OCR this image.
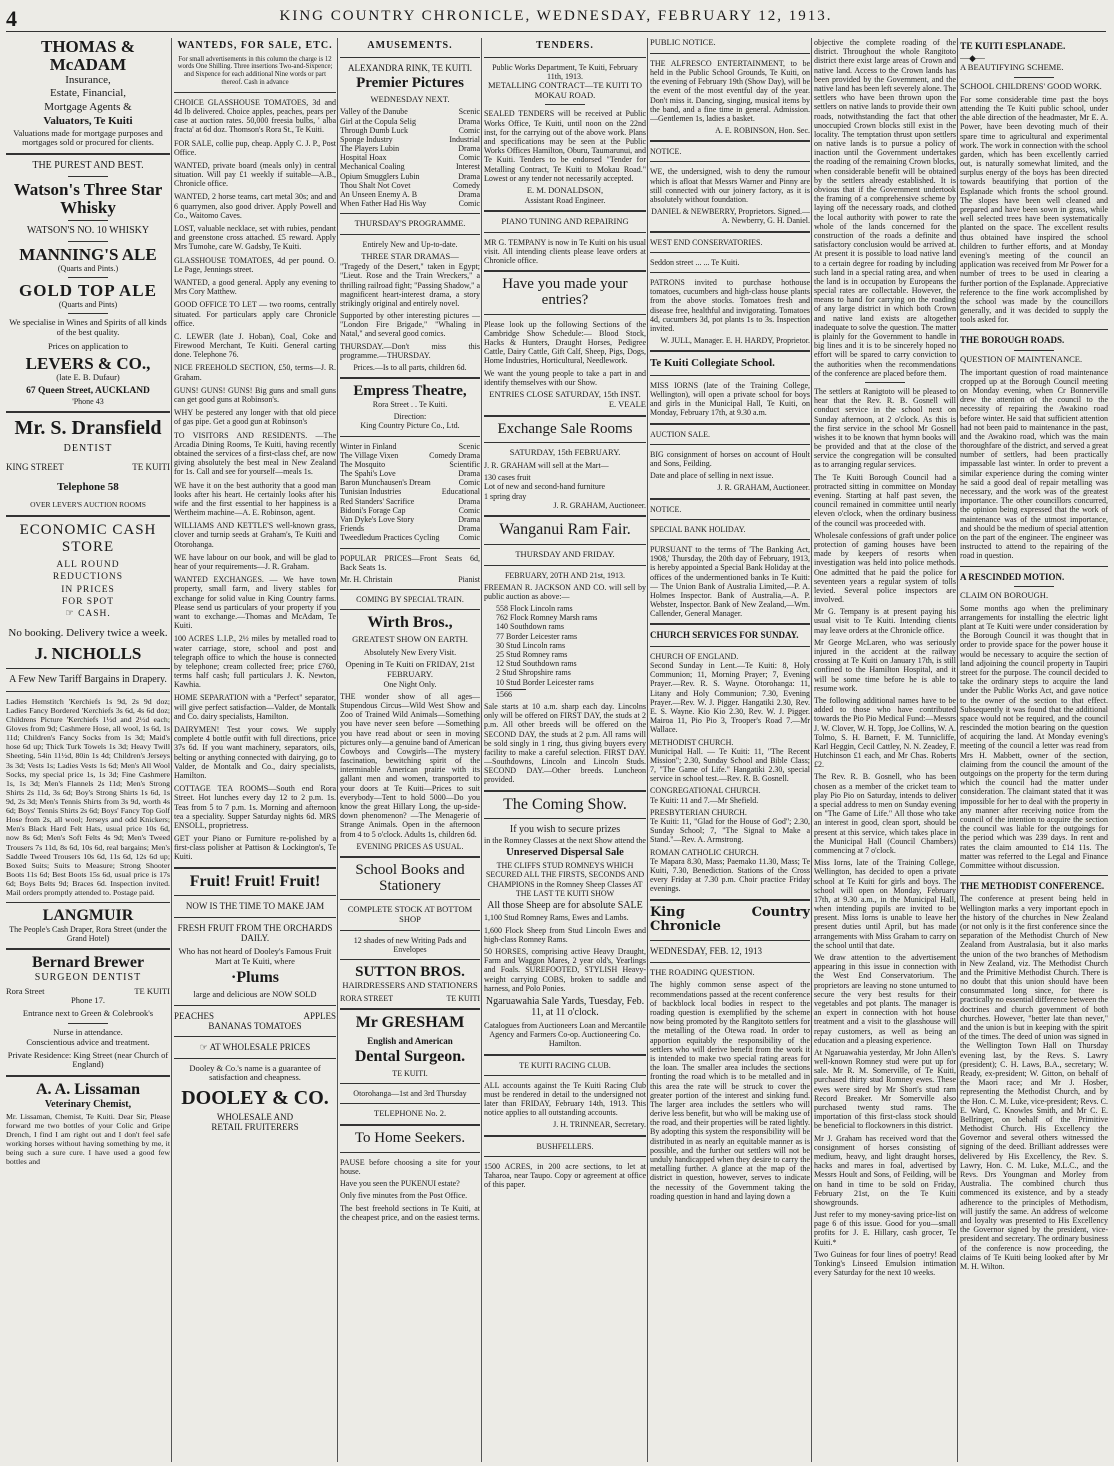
4	KING COUNTRY CHRONICLE, WEDNESDAY, FEBRUARY 12, 1913.
THOMAS & McADAM
Insurance,
Estate, Financial,
Mortgage Agents &
Valuators, Te Kuiti
Valuations made for mortgage purposes and mortgages sold or procured for clients.
THE PUREST AND BEST.
Watson's Three Star Whisky
WATSON'S NO. 10 WHISKY
MANNING'S ALE
(Quarts and Pints.)
GOLD TOP ALE
(Quarts and Pints)
We specialise in Wines and Spirits of all kinds of the best quality.
Prices on application to
LEVERS & CO.,
(late E. B. Dufaur)
67 Queen Street, AUCKLAND
'Phone 43
Mr. S. Dransfield
DENTIST
KING STREET	TE KUITI
Telephone 58
OVER LEVER'S AUCTION ROOMS
ECONOMIC CASH STORE
ALL ROUND
REDUCTIONS
IN PRICES
FOR SPOT
☞ CASH.
No booking. Delivery twice a week.
J. NICHOLLS
A Few New Tariff Bargains in Drapery.
Ladies Hemstitch 'Kerchiefs 1s 9d, 2s 9d doz; Ladies Fancy Bordered 'Kerchiefs 3s 6d, 4s 6d doz; Childrens Picture 'Kerchiefs 1½d and 2½d each; Gloves from 9d; Cashmere Hose, all wool, 1s 6d, 1s 11d; Children's Fancy Socks from 1s 3d; Maid's hose 6d up; Thick Turk Towels 1s 3d; Heavy Twill Sheeting, 54in 11½d, 80in 1s 4d; Children's Jerseys 3s 3d; Vests 1s; Ladies Vests 1s 6d; Men's All Wool Socks, my special price 1s, 1s 3d; Fine Cashmere 1s, 1s 3d; Men's Flannels 2s 11d; Men's Strong Shirts 2s 11d, 3s 6d; Boy's Strong Shirts 1s 6d, 1s 9d, 2s 3d; Men's Tennis Shirts from 3s 9d, worth 4s 6d; Boys' Tennis Shirts 2s 6d; Boys' Fancy Top Golf Hose from 2s, all wool; Jerseys and odd Knickers; Men's Black Hard Felt Hats, usual price 10s 6d, now 8s 6d; Men's Soft Felts 4s 9d; Men's Tweed Trousers 7s 11d, 8s 6d, 10s 6d, real bargains; Men's Saddle Tweed Trousers 10s 6d, 11s 6d, 12s 6d up; Boxed Suits; Suits to Measure; Strong Shooter Boots 11s 6d; Best Boots 15s 6d, usual price is 17s 6d; Boys Belts 9d; Braces 6d. Inspection invited. Mail orders promptly attended to. Postage paid.
LANGMUIR
The People's Cash Draper, Rora Street (under the Grand Hotel)
Bernard Brewer
SURGEON DENTIST
Rora Street	TE KUITI
Phone 17.
Entrance next to Green & Colebrook's
Nurse in attendance.
Conscientious advice and treatment.
Private Residence: King Street (near Church of England)
A. A. Lissaman
Veterinary Chemist,
Mr. Lissaman, Chemist, Te Kuiti. Dear Sir, Please forward me two bottles of your Colic and Gripe Drench, I find I am right out and I don't feel safe working horses without having something by me, it being such a sure cure. I have used a good few bottles and
WANTEDS, FOR SALE, ETC.
For small advertisements in this column the charge is 12 words One Shilling. Three insertions Two-and-Sixpence; and Sixpence for each additional Nine words or part thereof. Cash in advance
CHOICE GLASSHOUSE TOMATOES, 3d and 4d lb delivered. Choice apples, peaches, pears per case at auction rates. 50,000 freesia bulbs, ' alba fracta' at 6d doz. Thomson's Rora St., Te Kuiti.
FOR SALE, collie pup, cheap. Apply C. J. P., Post Office.
WANTED, private board (meals only) in central situation. Will pay £1 weekly if suitable—A.B., Chronicle office.
WANTED, 2 horse teams, cart metal 30s; and and 6 quarrymen, also good driver. Apply Powell and Co., Waitomo Caves.
LOST, valuable necklace, set with rubies, pendant and greenstone cross attached. £5 reward. Apply Mrs Tumohe, care W. Gadsby, Te Kuiti.
GLASSHOUSE TOMATOES, 4d per pound. O. Le Page, Jennings street.
WANTED, a good general. Apply any evening to Mrs Cory Matthew.
GOOD OFFICE TO LET — two rooms, centrally situated. For particulars apply care Chronicle office.
C. LEWER (late J. Hoban), Coal, Coke and Firewood Merchant, Te Kuiti. General carting done. Telephone 76.
NICE FREEHOLD SECTION, £50, terms—J. R. Graham.
GUNS! GUNS! GUNS! Big guns and small guns can get good guns at Robinson's.
WHY be pestered any longer with that old piece of gas pipe. Get a good gun at Robinson's
TO VISITORS AND RESIDENTS. —The Arcadia Dining Rooms, Te Kuiti, having recently obtained the services of a first-class chef, are now giving absolutely the best meal in New Zealand for 1s. Call and see for yourself—meals 1s.
WE have it on the best authority that a good man looks after his heart. He certainly looks after his wife and the first essential to her happiness is a Wertheim machine—A. E. Robinson, agent.
WILLIAMS AND KETTLE'S well-known grass, clover and turnip seeds at Graham's, Te Kuiti and Otorohanga.
WE have labour on our book, and will be glad to hear of your requirements—J. R. Graham.
WANTED EXCHANGES. — We have town property, small farm, and livery stables for exchange for solid value in King Country farms. Please send us particulars of your property if you want to exchange.—Thomas and McAdam, Te Kuiti.
100 ACRES L.I.P., 2½ miles by metalled road to water carriage, store, school and post and telegraph office to which the house is connected by telephone; cream collected free; price £760, terms half cash; full particulars J. K. Newton, Kawhia.
HOME SEPARATION with a "Perfect" separator, will give perfect satisfaction—Valder, de Montalk and Co. dairy specialists, Hamilton.
DAIRYMEN! Test your cows. We supply complete 4 bottle outfit with full directions, price 37s 6d. If you want machinery, separators, oils, belting or anything connected with dairying, go to Valder, de Montalk and Co., dairy specialists, Hamilton.
COTTAGE TEA ROOMS—South end Rora Street. Hot lunches every day 12 to 2 p.m. 1s. Teas from 5 to 7 p.m. 1s. Morning and afternoon tea a speciality. Supper Saturday nights 6d. MRS ENSOLL, proprietress.
GET your Piano or Furniture re-polished by a first-class polisher at Pattison & Lockington's, Te Kuiti.
Fruit! Fruit! Fruit!
NOW IS THE TIME TO MAKE JAM
FRESH FRUIT FROM THE ORCHARDS DAILY.
Who has not heard of Dooley's Famous Fruit Mart at Te Kuiti, where
·Plums
large and delicious are NOW SOLD
PEACHES	APPLES
BANANAS TOMATOES
☞ AT WHOLESALE PRICES
Dooley & Co.'s name is a guarantee of satisfaction and cheapness.
DOOLEY & CO.
WHOLESALE AND
RETAIL FRUITERERS
AMUSEMENTS.
ALEXANDRA RINK, TE KUITI.
Premier Pictures
WEDNESDAY NEXT.
Valley of the Danube	Scenic
Girl at the Copula Selig	Drama
Through Dumb Luck	Comic
Sponge Industry	Industrial
The Players Lubin	Drama
Hospital Hoax	Comic
Mechanical Coaling	Interest
Opium Smugglers Lubin	Drama
Thou Shalt Not Covet	Comedy
An Unseen Enemy A. B	Drama
When Father Had His Way	Comic
THURSDAY'S PROGRAMME.
Entirely New and Up-to-date.
THREE STAR DRAMAS—
"Tragedy of the Desert," taken in Egypt; "Lieut. Rose and the Train Wreckers," a thrilling railroad fight; "Passing Shadow," a magnificent heart-interest drama, a story strikingly original and entirely novel.
Supported by other interesting pictures — "London Fire Brigade," "Whaling in Natal," and several good comics.
THURSDAY.—Don't miss this programme.—THURSDAY.
Prices.—Is to all parts, children 6d.
Empress Theatre,
Rora Street . . Te Kuiti.
Direction:
King Country Picture Co., Ltd.
Winter in Finland	Scenic
The Village Vixen	Comedy Drama
The Mosquito	Scientific
The Spahi's Love	Drama
Baron Munchausen's Dream	Comic
Tunisian Industries	Educational
Red Standers' Sacrifice	Drama
Bidoni's Forage Cap	Comic
Van Dyke's Love Story	Drama
Friends	Drama
Tweedledum Practices Cycling Comic
POPULAR PRICES—Front Seats 6d, Back Seats 1s.
Mr. H. Christain	Pianist
COMING BY SPECIAL TRAIN.
Wirth Bros.,
GREATEST SHOW ON EARTH.
Absolutely New Every Visit.
Opening in Te Kuiti on FRIDAY, 21st FEBRUARY.
One Night Only.
THE wonder show of all ages—Stupendous Circus—Wild West Show and Zoo of Trained Wild Animals—Something you have never seen before —Something you have read about or seen in moving pictures only—a genuine band of American Cowboys and Cowgirls—The mystery fascination, bewitching spirit of the interminable American prairie with its gallant men and women, transported to your doors at Te Kuiti—Prices to suit everybody—Tent to hold 5000—Do you know the great Hillary Long, the up-side-down phenomenon? —The Menagerie of Strange Animals. Open in the afternoon from 4 to 5 o'clock. Adults 1s, children 6d.
EVENING PRICES AS USUAL.
School Books and Stationery
COMPLETE STOCK AT BOTTOM SHOP
12 shades of new Writing Pads and Envelopes
SUTTON BROS.
HAIRDRESSERS AND STATIONERS
RORA STREET	TE KUITI
Mr GRESHAM
English and American
Dental Surgeon.
TE KUITI.
Otorohanga—1st and 3rd Thursday
TELEPHONE No. 2.
To Home Seekers.
PAUSE before choosing a site for your house.
Have you seen the PUKENUI estate?
Only five minutes from the Post Office.
The best freehold sections in Te Kuiti, at the cheapest price, and on the easiest terms.
TENDERS.
Public Works Department, Te Kuiti, February 11th, 1913.
METALLING CONTRACT—TE KUITI TO MOKAU ROAD.
SEALED TENDERS will be received at Public Works Office, Te Kuiti, until noon on the 22nd inst, for the carrying out of the above work. Plans and specifications may be seen at the Public Works Offices Hamilton, Oburu, Taumarunui, and Te Kuiti. Tenders to be endorsed "Tender for Metalling Contract, Te Kuiti to Mokau Road." Lowest or any tender not necessarily accepted.
E. M. DONALDSON,
Assistant Road Engineer.
PIANO TUNING AND REPAIRING
MR G. TEMPANY is now in Te Kuiti on his usual visit. All intending clients please leave orders at Chronicle office.
Have you made your entries?
Please look up the following Sections of the Cambridge Show Schedule:— Blood Stock, Hacks & Hunters, Draught Horses, Pedigree Cattle, Dairy Cattle, Gift Calf, Sheep, Pigs, Dogs, Home Industries, Horticultural, Needlework.
We want the young people to take a part in and identify themselves with our Show.
ENTRIES CLOSE SATURDAY, 15th INST.
E. VEALE
Exchange Sale Rooms
SATURDAY, 15th FEBRUARY.
J. R. GRAHAM will sell at the Mart—
130 cases fruit
Lot of new and second-hand furniture
1 spring dray
J. R. GRAHAM, Auctioneer.
Wanganui Ram Fair.
THURSDAY AND FRIDAY.
FEBRUARY, 20TH AND 21st, 1913.
FREEMAN R. JACKSON AND CO. will sell by public auction as above:—
558 Flock Lincoln rams
762 Flock Romney Marsh rams
140 Southdown rams
77 Border Leicester rams
30 Stud Lincoln rams
25 Stud Romney rams
12 Stud Southdown rams
2 Stud Shropshire rams
10 Stud Border Leicester rams
1566
Sale starts at 10 a.m. sharp each day. Lincolns only will be offered on FIRST DAY, the studs at 2 p.m. All other breeds will be offered on the SECOND DAY, the studs at 2 p.m. All rams will be sold singly in 1 ring, thus giving buyers every facility to make a careful selection. FIRST DAY.—Southdowns, Lincoln and Lincoln Studs. SECOND DAY.—Other breeds. Luncheon provided.
The Coming Show.
If you wish to secure prizes
in the Romney Classes at the next Show attend the
Unreserved Dispersal Sale
THE CLIFFS STUD ROMNEYS WHICH SECURED ALL THE FIRSTS, SECONDS AND CHAMPIONS in the Romney Sheep Classes AT THE LAST TE KUITI SHOW
All those Sheep are for absolute SALE
1,100 Stud Romney Rams, Ewes and Lambs.
1,600 Flock Sheep from Stud Lincoln Ewes and high-class Romney Rams.
50 HORSES, comprising active Heavy Draught, Farm and Waggon Mares, 2 year old's, Yearlings and Foals. SUREFOOTED, STYLISH Heavy-weight carrying COBS, broken to saddle and harness, and Polo Ponies.
Ngaruawahia Sale Yards, Tuesday, Feb. 11, at 11 o'clock.
Catalogues from Auctioneers Loan and Mercantile Agency and Farmers Co-op. Auctioneering Co. Hamilton.
TE KUITI RACING CLUB.
ALL accounts against the Te Kuiti Racing Club must be rendered in detail to the undersigned not later than FRIDAY, February 14th, 1913. This notice applies to all outstanding accounts.
J. H. TRINNEAR, Secretary.
BUSHFELLERS.
1500 ACRES, in 200 acre sections, to let at Taharoa, near Taupo. Copy or agreement at office of this paper.
PUBLIC NOTICE.
THE ALFRESCO ENTERTAINMENT, to be held in the Public School Grounds, Te Kuiti, on the evening of February 19th (Show Day), will be the event of the most eventful day of the year. Don't miss it. Dancing, singing, musical items by the band, and a fine time in general. Admission.—Gentlemen 1s, ladies a basket.
A. E. ROBINSON, Hon. Sec.
NOTICE.
WE, the undersigned, wish to deny the rumour which is afloat that Messrs Warner and Pinny are still connected with our joinery factory, as it is absolutely without foundation.
DANIEL & NEWBERRY, Proprietors. Signed.—A. Newberry, G. H. Daniel.
WEST END CONSERVATORIES.
Seddon street ... ... Te Kuiti.
PATRONS invited to purchase hothouse tomatoes, cucumbers and high-class house plants from the above stocks. Tomatoes fresh and disease free, healthful and invigorating. Tomatoes 4d, cucumbers 3d, pot plants 1s to 3s. Inspection invited.
W. JULL, Manager. E. H. HARDY, Proprietor.
Te Kuiti Collegiate School.
MISS IORNS (late of the Training College, Wellington), will open a private school for boys and girls in the Municipal Hall, Te Kuiti, on Monday, February 17th, at 9.30 a.m.
AUCTION SALE.
BIG consignment of horses on account of Hoult and Sons, Feilding.
Date and place of selling in next issue.
J. R. GRAHAM, Auctioneer.
NOTICE.
SPECIAL BANK HOLIDAY.
PURSUANT to the terms of 'The Banking Act, 1908,' Thursday, the 20th day of February, 1913, is hereby appointed a Special Bank Holiday at the offices of the undermentioned banks in Te Kuiti:— The Union Bank of Australia Limited,—P. A. Holmes Inspector. Bank of Australia,—A. P. Webster, Inspector. Bank of New Zealand,—Wm. Callender, General Manager.
CHURCH SERVICES FOR SUNDAY.
CHURCH OF ENGLAND.
Second Sunday in Lent.—Te Kuiti: 8, Holy Communion; 11, Morning Prayer; 7, Evening Prayer.—Rev. R. S. Wayne. Otorohanga: 11, Litany and Holy Communion; 7.30, Evening Prayer.—Rev. W. J. Pigger. Hangatiki 2.30, Rev. E. S. Wayne. Kio Kio 2.30, Rev. W. J. Pigger. Mairoa 11, Pio Pio 3, Trooper's Road 7.—Mr Wallace.
METHODIST CHURCH.
Municipal Hall. — Te Kuiti: 11, "The Recent Mission"; 2.30, Sunday School and Bible Class; 7, "The Game of Life." Hangatiki 2.30, special service in school test.—Rev. R. B. Gosnell.
CONGREGATIONAL CHURCH.
Te Kuiti: 11 and 7.—Mr Shefield.
PRESBYTERIAN CHURCH.
Te Kuiti: 11, "Glad for the House of God"; 2.30, Sunday School; 7, "The Signal to Make a Stand."—Rev. A. Armstrong.
ROMAN CATHOLIC CHURCH.
Te Mapara 8.30, Mass; Paemako 11.30, Mass; Te Kuiti, 7.30, Benediction. Stations of the Cross every Friday at 7.30 p.m. Choir practice Friday evenings.
King Country Chronicle
WEDNESDAY, FEB. 12, 1913
THE ROADING QUESTION.
The highly common sense aspect of the recommendations passed at the recent conference of backblock local bodies in respect to the roading question is exemplified by the scheme now being promoted by the Rangitoto settlers for the metalling of the Otewa road. In order to apportion equitably the responsibility of the settlers who will derive benefit from the work it is intended to make two special rating areas for the loan. The smaller area includes the sections fronting the road which is to be metalled and in this area the rate will be struck to cover the greater portion of the interest and sinking fund. The larger area includes the settlers who will derive less benefit, but who will be making use of the road, and their properties will be rated lightly. By adopting this system the responsibility will be distributed in as nearly an equitable manner as is possible, and the further out settlers will not be unduly handicapped when they desire to carry the metalling further. A glance at the map of the district in question, however, serves to indicate the necessity of the Government taking the roading question in hand and laying down a
objective the complete roading of the district. Throughout the whole Rangitoto district there exist large areas of Crown and native land. Access to the Crown lands has been provided by the Government, and the native land has been left severely alone. The settlers who have been thrown upon the settlers on native lands to provide their own roads, notwithstanding the fact that other unoccupied Crown blocks still exist in the locality. The temptation thrust upon settlers on native lands is to pursue a policy of inaction until the Government undertakes the roading of the remaining Crown blocks, when considerable benefit will be obtained by the settlers already established. It is obvious that if the Government undertook the framing of a comprehensive scheme by laying off the necessary roads, and clothed the local authority with power to rate the whole of the lands concerned for the construction of the roads a definite and satisfactory conclusion would be arrived at. At present it is possible to load native land to a certain degree for roading by including such land in a special rating area, and when the land is in occupation by Europeans the special rates are collectable. However, the means to hand for carrying on the roading of any large district in which both Crown and native land exists are altogether inadequate to solve the question. The matter is plainly for the Government to handle in big lines and it is to be sincerely hoped no effort will be spared to carry conviction to the authorities when the recommendations of the conference are placed before them.
The settlers at Ranigtoto will be pleased to hear that the Rev. R. B. Gosnell will conduct service in the school next on Sunday afternoon, at 2 o'clock. As this is the first service in the school Mr Gosnell wishes it to be known that hymn books will be provided and that at the close of the service the congregation will be consulted as to arranging regular services.
The Te Kuiti Borough Council had a protracted sitting in committee on Monday evening. Starting at half past seven, the council remained in committee until nearly eleven o'clock, when the ordinary business of the council was proceeded with.
Wholesale confessions of graft under police protection of gaming houses have been made by keepers of resorts when investigation was held into police methods. One admitted that he paid the police for seventeen years a regular system of tolls levied. Several police inspectors are involved.
Mr G. Tempany is at present paying his usual visit to Te Kuiti. Intending clients may leave orders at the Chronicle office.
Mr George McLaren, who was seriously injured in the accident at the railway crossing at Te Kuiti on January 17th, is still confined to the Hamilton Hospital, and it will be some time before he is able to resume work.
The following additional names have to be added to those who have contributed towards the Pio Pio Medical Fund:—Messrs J. W. Clover, W. H. Topp, Joe Collins, W. A. Tolmo, S. H. Barnett, F. M. Tunnicliffe, Karl Heggin, Cecil Cattley, N. N. Zeadey, F. Hutchinson £1 each, and Mr Chas. Roberts £2.
The Rev. R. B. Gosnell, who has been chosen as a member of the cricket team to play Pio Pio on Saturday, intends to deliver a special address to men on Sunday evening on "The Game of Life." All those who take an interest in good, clean sport, should be present at this service, which takes place in the Municipal Hall (Council Chambers) commencing at 7 o'clock.
Miss Iorns, late of the Training College, Wellington, has decided to open a private school at Te Kuiti for girls and boys. The school will open on Monday, February 17th, at 9.30 a.m., in the Municipal Hall, when intending pupils are invited to be present. Miss Iorns is unable to leave her present duties until April, but has made arrangements with Miss Graham to carry on the school until that date.
We draw attention to the advertisement appearing in this issue in connection with the West End Conservatorium. The proprietors are leaving no stone unturned to secure the very best results for their vegetables and pot plants. The manager is an expert in connection with hot house treatment and a visit to the glasshouse will repay customers, as well as being an education and a pleasing experience.
At Ngaruawahia yesterday, Mr John Allen's well-known Romney stud were put up for sale. Mr R. M. Somerville, of Te Kuiti, purchased thirty stud Romney ewes. These ewes were sired by Mr Short's stud ram Record Breaker. Mr Somerville also purchased twenty stud rams. The importation of this first-class stock should be beneficial to flockowners in this district.
Mr J. Graham has received word that the consignment of horses consisting of medium, heavy, and light draught horses, hacks and mares in foal, advertised by Messrs Hoult and Sons, of Feilding, will be on hand in time to be sold on Friday, February 21st, on the Te Kuiti showgrounds.
Just refer to my money-saving price-list on page 6 of this issue. Good for you—small profits for J. E. Hillary, cash grocer, Te Kuiti.*
Two Guineas for four lines of poetry! Read Tonking's Linseed Emulsion intimation every Saturday for the next 10 weeks.
TE KUITI ESPLANADE.
—◆—
A BEAUTIFYING SCHEME.
SCHOOL CHILDRENS' GOOD WORK.
For some considerable time past the boys attending the Te Kuiti public school, under the able direction of the headmaster, Mr E. A. Power, have been devoting much of their spare time to agricultural and experimental work. The work in connection with the school garden, which has been excellently carried out, is naturally somewhat limited, and the surplus energy of the boys has been directed towards beautifying that portion of the Esplanade which fronts the school ground. The slopes have been well cleaned and prepared and have been sown in grass, while well selected trees have been systematically planted on the space. The excellent results thus obtained have inspired the school children to further efforts, and at Monday evening's meeting of the council an application was received from Mr Power for a number of trees to be used in clearing a further portion of the Esplanade. Appreciative reference to the fine work accomplished by the school was made by the councillors generally, and it was decided to supply the tools asked for.
THE BOROUGH ROADS.
QUESTION OF MAINTENANCE.
The important question of road maintenance cropped up at the Borough Council meeting on Monday evening, when Cr Bonnerville drew the attention of the council to the necessity of repairing the Awakino road before winter. He said that sufficient attention had not been paid to maintenance in the past, and the Awakino road, which was the main thoroughfare of the district, and served a great number of settlers, had been practically impassable last winter. In order to prevent a similar experience during the coming winter he said a good deal of repair metalling was necessary, and the work was of the greatest importance. The other councillors concurred, the opinion being expressed that the work of maintenance was of the utmost importance, and should be the medium of special attention on the part of the engineer. The engineer was instructed to attend to the repairing of the road in question.
A RESCINDED MOTION.
CLAIM ON BOROUGH.
Some months ago when the preliminary arrangements for installing the electric light plant at Te Kuiti were under consideration by the Borough Council it was thought that in order to provide space for the power house it would be necessary to acquire the section of land adjoining the council property in Taupiri street for the purpose. The council decided to take the ordinary steps to acquire the land under the Public Works Act, and gave notice to the owner of the section to that effect. Subsequently it was found that the additional space would not be required, and the council rescinded the motion bearing on the question of acquiring the land. At Monday evening's meeting of the council a letter was read from Mrs H. Mabbett, owner of the section, claiming from the council the amount of the outgoings on the property for the term during which the council had the matter under consideration. The claimant stated that it was impossible for her to deal with the property in any manner after receiving notice from the council of the intention to acquire the section the council was liable for the outgoings for the period which was 239 days. In rent and rates the claim amounted to £14 11s. The matter was referred to the Legal and Finance Committee without discussion.
THE METHODIST CONFERENCE.
The conference at present being held in Wellington marks a very important epoch in the history of the churches in New Zealand (or not only is it the first conference since the separation of the Methodist Church of New Zealand from Australasia, but it also marks the union of the two branches of Methodism in New Zealand, viz. The Methodist Church and the Primitive Methodist Church. There is no doubt that this union should have been consummated long since, for there is practically no essential difference between the doctrines and church government of both churches. However, "better late than never," and the union is but in keeping with the spirit of the times. The deed of union was signed in the Wellington Town Hall on Thursday evening last, by the Revs. S. Lawry (president); C. H. Laws, B.A., secretary; W. Ready, ex-president; W. Gitton, on behalf of the Maori race; and Mr J. Hosber, representing the Methodist Church, and by the Hon. C. M. Luke, vice-president; Revs. C. E. Ward, C. Knowles Smith, and Mr C. E. Bellringer, on behalf of the Primitive Methodist Church. His Excellency the Governor and several others witnessed the signing of the deed. Brilliant addresses were delivered by His Excellency, the Rev. S. Lawry, Hon. C. M. Luke, M.L.C., and the Revs. Drs Youngman and Morley from Australia. The combined church thus commenced its existence, and by a steady adherence to the principles of Methodism, will justify the same. An address of welcome and loyalty was presented to His Excellency the Governor signed by the president, vice-president and secretary. The ordinary business of the conference is now proceeding, the claims of Te Kuiti being looked after by Mr M. H. Wilton.
